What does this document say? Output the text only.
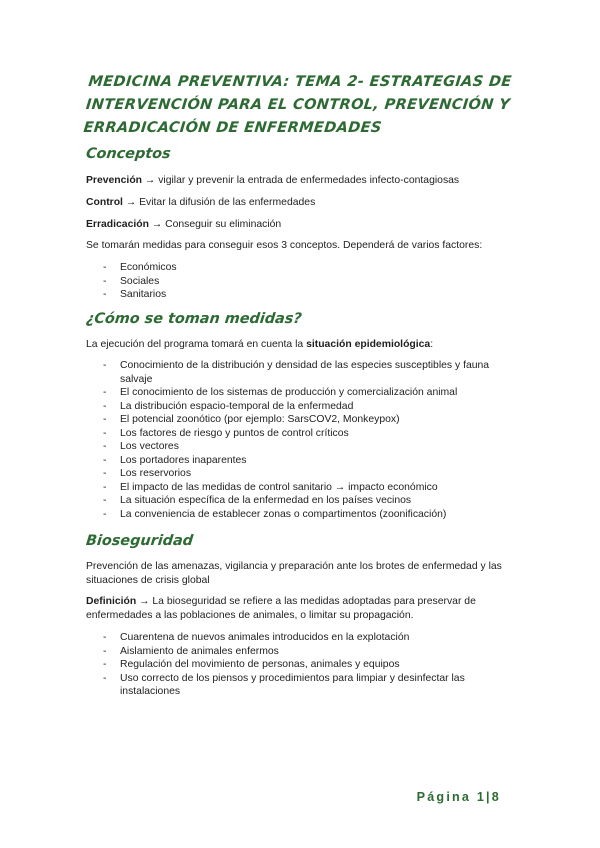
MEDICINA PREVENTIVA: TEMA 2- ESTRATEGIAS DE INTERVENCIÓN PARA EL CONTROL, PREVENCIÓN Y ERRADICACIÓN DE ENFERMEDADES
Conceptos
Prevención → vigilar y prevenir la entrada de enfermedades infecto-contagiosas
Control → Evitar la difusión de las enfermedades
Erradicación → Conseguir su eliminación
Se tomarán medidas para conseguir esos 3 conceptos. Dependerá de varios factores:
- Económicos
- Sociales
- Sanitarios
¿Cómo se toman medidas?
La ejecución del programa tomará en cuenta la situación epidemiológica:
- Conocimiento de la distribución y densidad de las especies susceptibles y fauna salvaje
- El conocimiento de los sistemas de producción y comercialización animal
- La distribución espacio-temporal de la enfermedad
- El potencial zoonótico (por ejemplo: SarsCOV2, Monkeypox)
- Los factores de riesgo y puntos de control críticos
- Los vectores
- Los portadores inaparentes
- Los reservorios
- El impacto de las medidas de control sanitario → impacto económico
- La situación específica de la enfermedad en los países vecinos
- La conveniencia de establecer zonas o compartimentos (zoonificación)
Bioseguridad
Prevención de las amenazas, vigilancia y preparación ante los brotes de enfermedad y las situaciones de crisis global
Definición → La bioseguridad se refiere a las medidas adoptadas para preservar de enfermedades a las poblaciones de animales, o limitar su propagación.
- Cuarentena de nuevos animales introducidos en la explotación
- Aislamiento de animales enfermos
- Regulación del movimiento de personas, animales y equipos
- Uso correcto de los piensos y procedimientos para limpiar y desinfectar las instalaciones
Página 1|8
